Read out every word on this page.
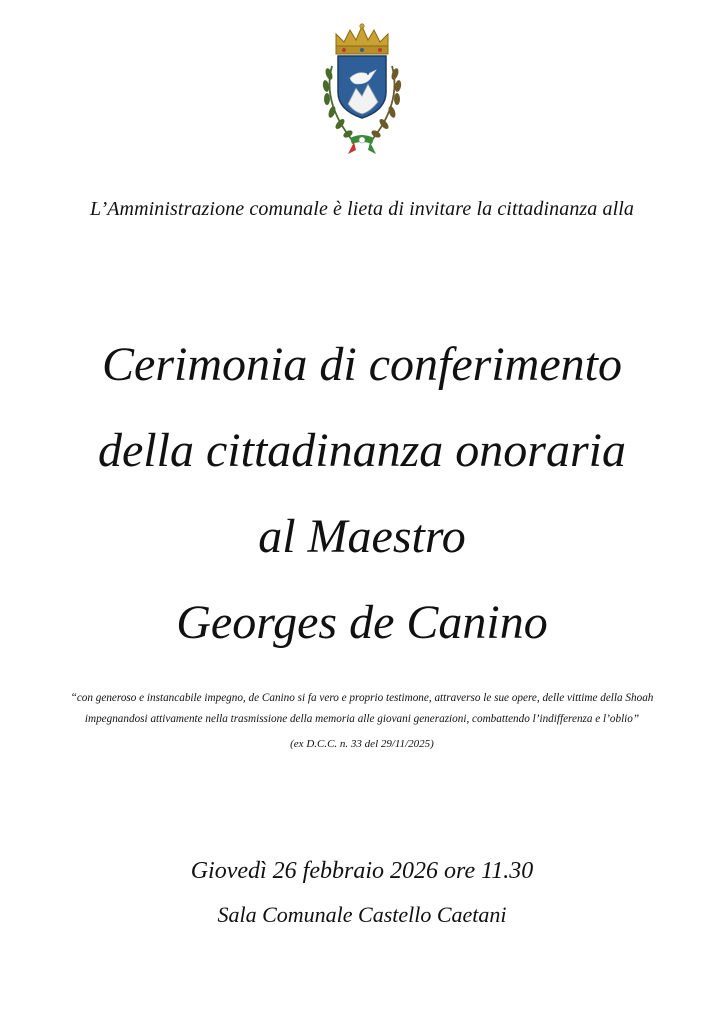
L’Amministrazione comunale è lieta di invitare la cittadinanza alla
Cerimonia di conferimento
della cittadinanza onoraria
al Maestro
Georges de Canino
“con generoso e instancabile impegno, de Canino si fa vero e proprio testimone, attraverso le sue opere, delle vittime della Shoah
impegnandosi attivamente nella trasmissione della memoria alle giovani generazioni, combattendo l’indifferenza e l’oblio”
(ex D.C.C. n. 33 del 29/11/2025)
Giovedì 26 febbraio 2026 ore 11.30
Sala Comunale Castello Caetani
